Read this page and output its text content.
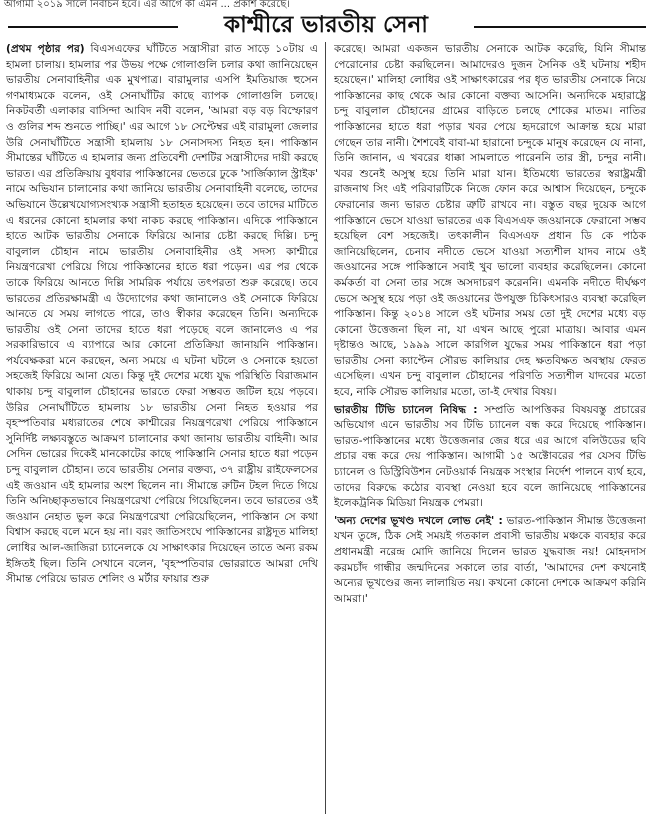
আগামী ২০১৯ সালে নির্বাচন হবে। এর আগে কী এমন ... প্রকাশ করেছে।
কাশ্মীরে ভারতীয় সেনা

(প্রথম পৃষ্ঠার পর) বিএসএফের ঘাঁটিতে সন্ত্রাসীরা রাত সাড়ে ১০টায় এ হামলা চালায়। হামলার পর উভয় পক্ষে গোলাগুলি চলার কথা জানিয়েছেন ভারতীয় সেনাবাহিনীর এক মুখপাত্র। বারামুলার এসপি ইমতিয়াজ হুসেন গণমাধ্যমকে বলেন, ওই সেনাঘাঁটির কাছে ব্যাপক গোলাগুলি চলছে। নিকটবর্তী এলাকার বাসিন্দা আবিদ নবী বলেন, 'আমরা বড় বড় বিস্ফোরণ ও গুলির শব্দ শুনতে পাচ্ছি।' এর আগে ১৮ সেপ্টেম্বর এই বারামুলা জেলার উরি সেনাঘাঁটিতে সন্ত্রাসী হামলায় ১৮ সেনাসদস্য নিহত হন। পাকিস্তান সীমান্তের ঘাঁটিতে এ হামলার জন্য প্রতিবেশী দেশটির সন্ত্রাসীদের দায়ী করছে ভারত। এর প্রতিক্রিয়ায় বুধবার পাকিস্তানের ভেতরে ঢুকে 'সার্জিক্যাল স্ট্রাইক' নামে অভিযান চালানোর কথা জানিয়ে ভারতীয় সেনাবাহিনী বলেছে, তাদের অভিযানে উল্লেখযোগ্যসংখ্যক সন্ত্রাসী হতাহত হয়েছেন। তবে তাদের মাটিতে এ ধরনের কোনো হামলার কথা নাকচ করছে পাকিস্তান। এদিকে পাকিস্তানে হাতে আটক ভারতীয় সেনাকে ফিরিয়ে আনার চেষ্টা করছে দিল্লি। চন্দু বাবুলাল চৌহান নামে ভারতীয় সেনাবাহিনীর ওই সদস্য কাশ্মীরে নিয়ন্ত্রণরেখা পেরিয়ে গিয়ে পাকিস্তানের হাতে ধরা পড়েন। এর পর থেকে তাকে ফিরিয়ে আনতে দিল্লি সামরিক পর্যায়ে তৎপরতা শুরু করেছে। তবে ভারতের প্রতিরক্ষামন্ত্রী এ উদ্যোগের কথা জানালেও ওই সেনাকে ফিরিয়ে আনতে যে সময় লাগতে পারে, তাও স্বীকার করেছেন তিনি। অন্যদিকে ভারতীয় ওই সেনা তাদের হাতে ধরা পড়েছে বলে জানালেও এ পর সরকারিভাবে এ ব্যাপারে আর কোনো প্রতিক্রিয়া জানায়নি পাকিস্তান। পর্যবেক্ষকরা মনে করছেন, অন্য সময়ে এ ঘটনা ঘটলে ও সেনাকে হয়তো সহজেই ফিরিয়ে আনা যেত। কিন্তু দুই দেশের মধ্যে যুদ্ধ পরিস্থিতি বিরাজমান থাকায় চন্দু বাবুলাল চৌহানের ভারতে ফেরা সম্ভবত জটিল হয়ে পড়বে। উরির সেনাঘাঁটিতে হামলায় ১৮ ভারতীয় সেনা নিহত হওয়ার পর বৃহস্পতিবার মধ্যরাতের শেষে কাশ্মীরের নিয়ন্ত্রণরেখা পেরিয়ে পাকিস্তানে সুনির্দিষ্ট লক্ষ্যবস্তুতে আক্রমণ চালানোর কথা জানায় ভারতীয় বাহিনী। আর সেদিন ভোরের দিকেই মানকোটের কাছে পাকিস্তানি সেনার হাতে ধরা পড়েন চন্দু বাবুলাল চৌহান। তবে ভারতীয় সেনার বক্তব্য, ৩৭ রাষ্ট্রীয় রাইফেলসের এই জওয়ান এই হামলার অংশ ছিলেন না। সীমান্তে রুটিন টহল দিতে গিয়ে তিনি অনিচ্ছাকৃতভাবে নিয়ন্ত্রণরেখা পেরিয়ে গিয়েছিলেন। তবে ভারতের ওই জওয়ান নেহাত ভুল করে নিয়ন্ত্রণরেখা পেরিয়েছিলেন, পাকিস্তান সে কথা বিশ্বাস করছে বলে মনে হয় না। বরং জাতিসংঘে পাকিস্তানের রাষ্ট্রদূত মালিহা লোধির আল-জাজিরা চ্যানেলকে যে সাক্ষাৎকার দিয়েছেন তাতে অন্য রকম ইঙ্গিতই ছিল। তিনি সেখানে বলেন, 'বৃহস্পতিবার ভোররাতে আমরা দেখি সীমান্ত পেরিয়ে ভারত শেলিং ও মর্টার ফায়ার শুরু

করেছে। আমরা একজন ভারতীয় সেনাকে আটক করেছি, যিনি সীমান্ত পেরোনোর চেষ্টা করছিলেন। আমাদেরও দুজন সৈনিক ওই ঘটনায় শহীদ হয়েছেন।' মালিহা লোধির ওই সাক্ষাৎকারের পর ধৃত ভারতীয় সেনাকে নিয়ে পাকিস্তানের কাছ থেকে আর কোনো বক্তব্য আসেনি। অন্যদিকে মহারাষ্ট্রে চন্দু বাবুলাল চৌহানের গ্রামের বাড়িতে চলছে শোকের মাতম। নাতির পাকিস্তানের হাতে ধরা পড়ার খবর পেয়ে হৃদরোগে আক্রান্ত হয়ে মারা গেছেন তার নানী। শৈশবেই বাবা-মা হারানো চন্দুকে মানুষ করেছেন যে নানা, তিনি জানান, এ খবরের ধাক্কা সামলাতে পারেননি তার স্ত্রী, চন্দুর নানী। খবর শুনেই অসুস্থ হয়ে তিনি মারা যান। ইতিমধ্যে ভারতের স্বরাষ্ট্রমন্ত্রী রাজনাথ সিং এই পরিবারটিকে নিজে ফোন করে আশ্বাস দিয়েছেন, চন্দুকে ফেরানোর জন্য ভারত চেষ্টার ত্রুটি রাখবে না। বস্তুত বছর দুয়েক আগে পাকিস্তানে ভেসে যাওয়া ভারতের এক বিএসএফ জওয়ানকে ফেরানো সম্ভব হয়েছিল বেশ সহজেই। তৎকালীন বিএসএফ প্রধান ডি কে পাঠক জানিয়েছিলেন, চেনাব নদীতে ভেসে যাওয়া সত্যশীল যাদব নামে ওই জওয়ানের সঙ্গে পাকিস্তানে সবাই খুব ভালো ব্যবহার করেছিলেন। কোনো কর্মকর্তা বা সেনা তার সঙ্গে অসদাচরণ করেননি। এমনকি নদীতে দীর্ঘক্ষণ ভেসে অসুস্থ হয়ে পড়া ওই জওয়ানের উপযুক্ত চিকিৎসারও ব্যবস্থা করেছিল পাকিস্তান। কিন্তু ২০১৪ সালে ওই ঘটনার সময় তো দুই দেশের মধ্যে বড় কোনো উত্তেজনা ছিল না, যা এখন আছে পুরো মাত্রায়। আবার এমন দৃষ্টান্তও আছে, ১৯৯৯ সালে কারগিল যুদ্ধের সময় পাকিস্তানে ধরা পড়া ভারতীয় সেনা ক্যাপ্টেন সৌরভ কালিয়ার দেহ ক্ষতবিক্ষত অবস্থায় ফেরত এসেছিল। এখন চন্দু বাবুলাল চৌহানের পরিণতি সত্যশীল যাদবের মতো হবে, নাকি সৌরভ কালিয়ার মতো, তা-ই দেখার বিষয়।

ভারতীয় টিভি চ্যানেল নিষিদ্ধ : সম্প্রতি আপত্তিকর বিষয়বস্তু প্রচারের অভিযোগ এনে ভারতীয় সব টিভি চ্যানেল বন্ধ করে দিয়েছে পাকিস্তান। ভারত-পাকিস্তানের মধ্যে উত্তেজনার জের ধরে এর আগে বলিউডের ছবি প্রচার বন্ধ করে দেয় পাকিস্তান। আগামী ১৫ অক্টোবরের পর যেসব টিভি চ্যানেল ও ডিস্ট্রিবিউশন নেটওয়ার্ক নিয়ন্ত্রক সংস্থার নির্দেশ পালনে ব্যর্থ হবে, তাদের বিরুদ্ধে কঠোর ব্যবস্থা নেওয়া হবে বলে জানিয়েছে পাকিস্তানের ইলেকট্রনিক মিডিয়া নিয়ন্ত্রক পেমরা।

'অন্য দেশের ভূখণ্ড দখলে লোভ নেই' : ভারত-পাকিস্তান সীমান্ত উত্তেজনা যখন তুঙ্গে, ঠিক সেই সময়ই গতকাল প্রবাসী ভারতীয় মঞ্চকে ব্যবহার করে প্রধানমন্ত্রী নরেন্দ্র মোদি জানিয়ে দিলেন ভারত যুদ্ধবাজ নয়! মোহনদাস করমচাঁদ গান্ধীর জন্মদিনের সকালে তার বার্তা, 'আমাদের দেশ কখনোই অন্যের ভূখণ্ডের জন্য লালায়িত নয়। কখনো কোনো দেশকে আক্রমণ করিনি আমরা।'
